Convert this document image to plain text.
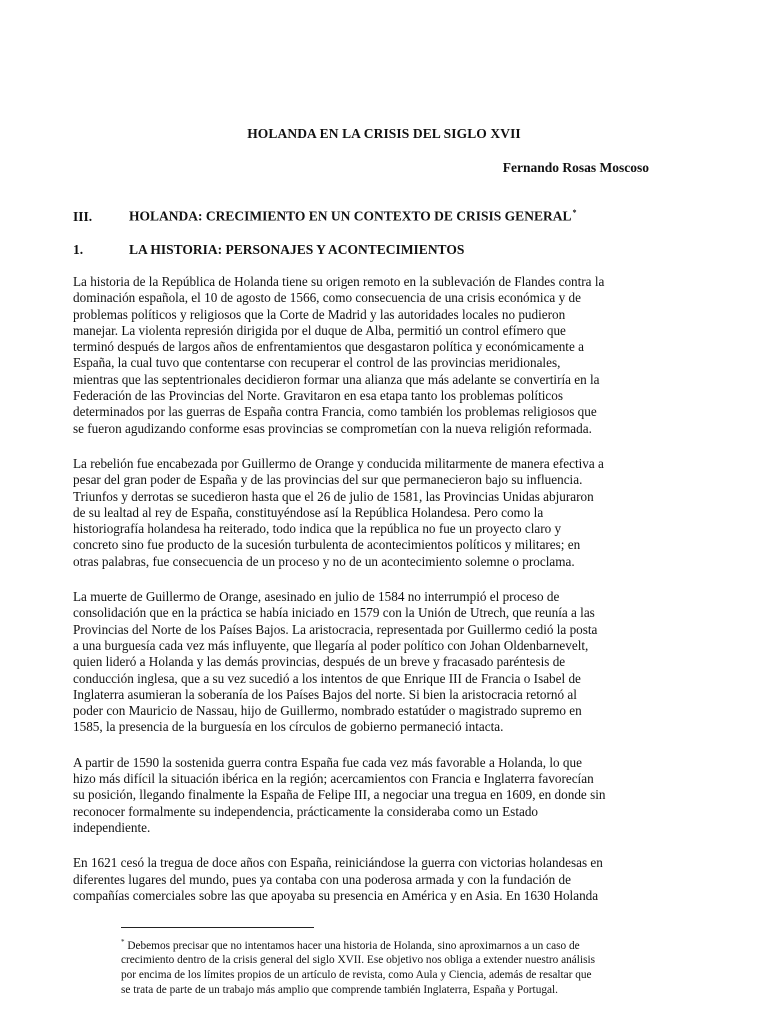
HOLANDA EN LA CRISIS DEL SIGLO XVII
Fernando Rosas Moscoso
III.	HOLANDA: CRECIMIENTO EN UN CONTEXTO DE CRISIS GENERAL*
1.	LA HISTORIA: PERSONAJES Y ACONTECIMIENTOS

La historia de la República de Holanda tiene su origen remoto en la sublevación de Flandes contra la
dominación española, el 10 de agosto de 1566, como consecuencia de una crisis económica y de
problemas políticos y religiosos que la Corte de Madrid y las autoridades locales no pudieron
manejar. La violenta represión dirigida por el duque de Alba, permitió un control efímero que
terminó después de largos años de enfrentamientos que desgastaron política y económicamente a
España, la cual tuvo que contentarse con recuperar el control de las provincias meridionales,
mientras que las septentrionales decidieron formar una alianza que más adelante se convertiría en la
Federación de las Provincias del Norte. Gravitaron en esa etapa tanto los problemas políticos
determinados por las guerras de España contra Francia, como también los problemas religiosos que
se fueron agudizando conforme esas provincias se comprometían con la nueva religión reformada.

La rebelión fue encabezada por Guillermo de Orange y conducida militarmente de manera efectiva a
pesar del gran poder de España y de las provincias del sur que permanecieron bajo su influencia.
Triunfos y derrotas se sucedieron hasta que el 26 de julio de 1581, las Provincias Unidas abjuraron
de su lealtad al rey de España, constituyéndose así la República Holandesa. Pero como la
historiografía holandesa ha reiterado, todo indica que la república no fue un proyecto claro y
concreto sino fue producto de la sucesión turbulenta de acontecimientos políticos y militares; en
otras palabras, fue consecuencia de un proceso y no de un acontecimiento solemne o proclama.

La muerte de Guillermo de Orange, asesinado en julio de 1584 no interrumpió el proceso de
consolidación que en la práctica se había iniciado en 1579 con la Unión de Utrech, que reunía a las
Provincias del Norte de los Países Bajos. La aristocracia, representada por Guillermo cedió la posta
a una burguesía cada vez más influyente, que llegaría al poder político con Johan Oldenbarnevelt,
quien lideró a Holanda y las demás provincias, después de un breve y fracasado paréntesis de
conducción inglesa, que a su vez sucedió a los intentos de que Enrique III de Francia o Isabel de
Inglaterra asumieran la soberanía de los Países Bajos del norte. Si bien la aristocracia retornó al
poder con Mauricio de Nassau, hijo de Guillermo, nombrado estatúder o magistrado supremo en
1585, la presencia de la burguesía en los círculos de gobierno permaneció intacta.

A partir de 1590 la sostenida guerra contra España fue cada vez más favorable a Holanda, lo que
hizo más difícil la situación ibérica en la región; acercamientos con Francia e Inglaterra favorecían
su posición, llegando finalmente la España de Felipe III, a negociar una tregua en 1609, en donde sin
reconocer formalmente su independencia, prácticamente la consideraba como un Estado
independiente.

En 1621 cesó la tregua de doce años con España, reiniciándose la guerra con victorias holandesas en
diferentes lugares del mundo, pues ya contaba con una poderosa armada y con la fundación de
compañías comerciales sobre las que apoyaba su presencia en América y en Asia. En 1630 Holanda

* Debemos precisar que no intentamos hacer una historia de Holanda, sino aproximarnos a un caso de
crecimiento dentro de la crisis general del siglo XVII. Ese objetivo nos obliga a extender nuestro análisis
por encima de los límites propios de un artículo de revista, como Aula y Ciencia, además de resaltar que
se trata de parte de un trabajo más amplio que comprende también Inglaterra, España y Portugal.
